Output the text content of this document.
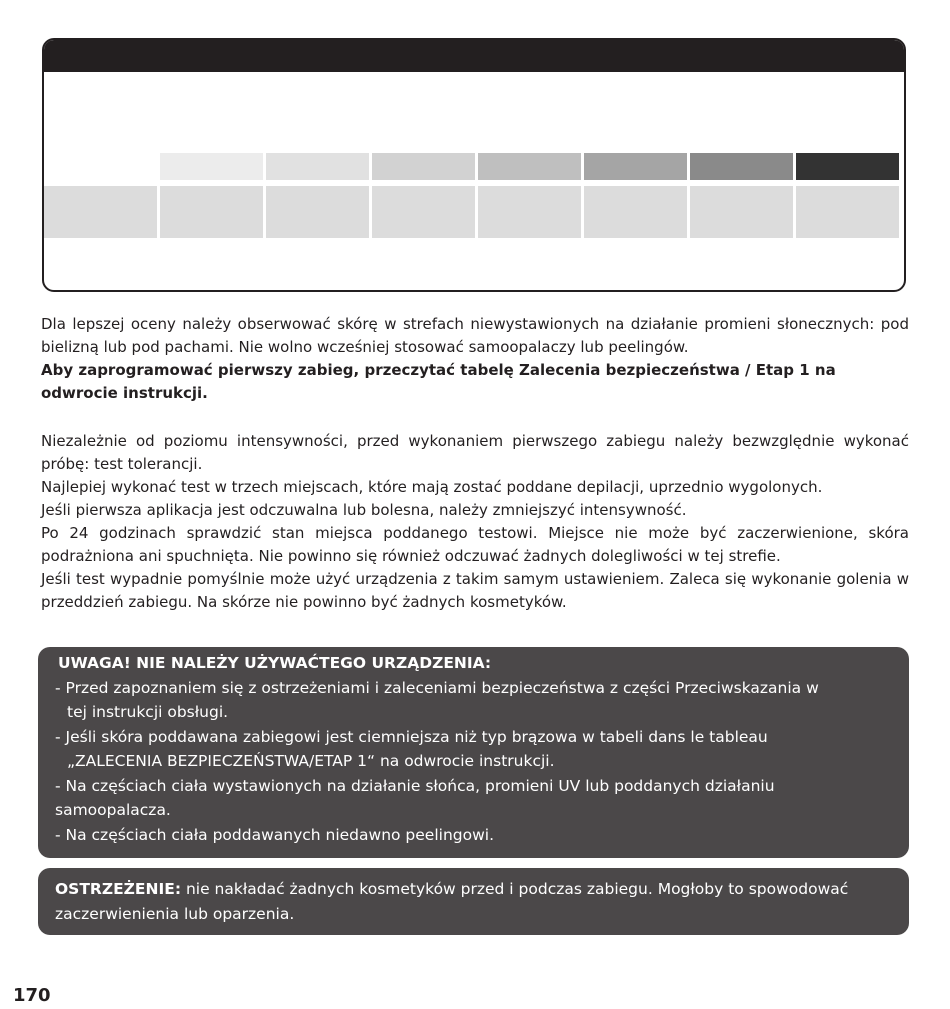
Dla lepszej oceny należy obserwować skórę w strefach niewystawionych na działanie promieni słonecznych: pod bielizną lub pod pachami. Nie wolno wcześniej stosować samoopalaczy lub peelingów.

Aby zaprogramować pierwszy zabieg, przeczytać tabelę Zalecenia bezpieczeństwa / Etap 1 na odwrocie instrukcji.

Niezależnie od poziomu intensywności, przed wykonaniem pierwszego zabiegu należy bezwzględnie wykonać próbę: test tolerancji.

Najlepiej wykonać test w trzech miejscach, które mają zostać poddane depilacji, uprzednio wygolonych.

Jeśli pierwsza aplikacja jest odczuwalna lub bolesna, należy zmniejszyć intensywność.

Po 24 godzinach sprawdzić stan miejsca poddanego testowi. Miejsce nie może być zaczerwienione, skóra podrażniona ani spuchnięta. Nie powinno się również odczuwać żadnych dolegliwości w tej strefie.

Jeśli test wypadnie pomyślnie może użyć urządzenia z takim samym ustawieniem. Zaleca się wykonanie golenia w przeddzień zabiegu. Na skórze nie powinno być żadnych kosmetyków.

UWAGA! NIE NALEŻY UŻYWAĆTEGO URZĄDZENIA:

- Przed zapoznaniem się z ostrzeżeniami i zaleceniami bezpieczeństwa z części Przeciwskazania w

tej instrukcji obsługi.

- Jeśli skóra poddawana zabiegowi jest ciemniejsza niż typ brązowa w tabeli dans le tableau

„ZALECENIA BEZPIECZEŃSTWA/ETAP 1“ na odwrocie instrukcji.

- Na częściach ciała wystawionych na działanie słońca, promieni UV lub poddanych działaniu samoopalacza.

- Na częściach ciała poddawanych niedawno peelingowi.

OSTRZEŻENIE: nie nakładać żadnych kosmetyków przed i podczas zabiegu. Mogłoby to spowodować zaczerwienienia lub oparzenia.

170
